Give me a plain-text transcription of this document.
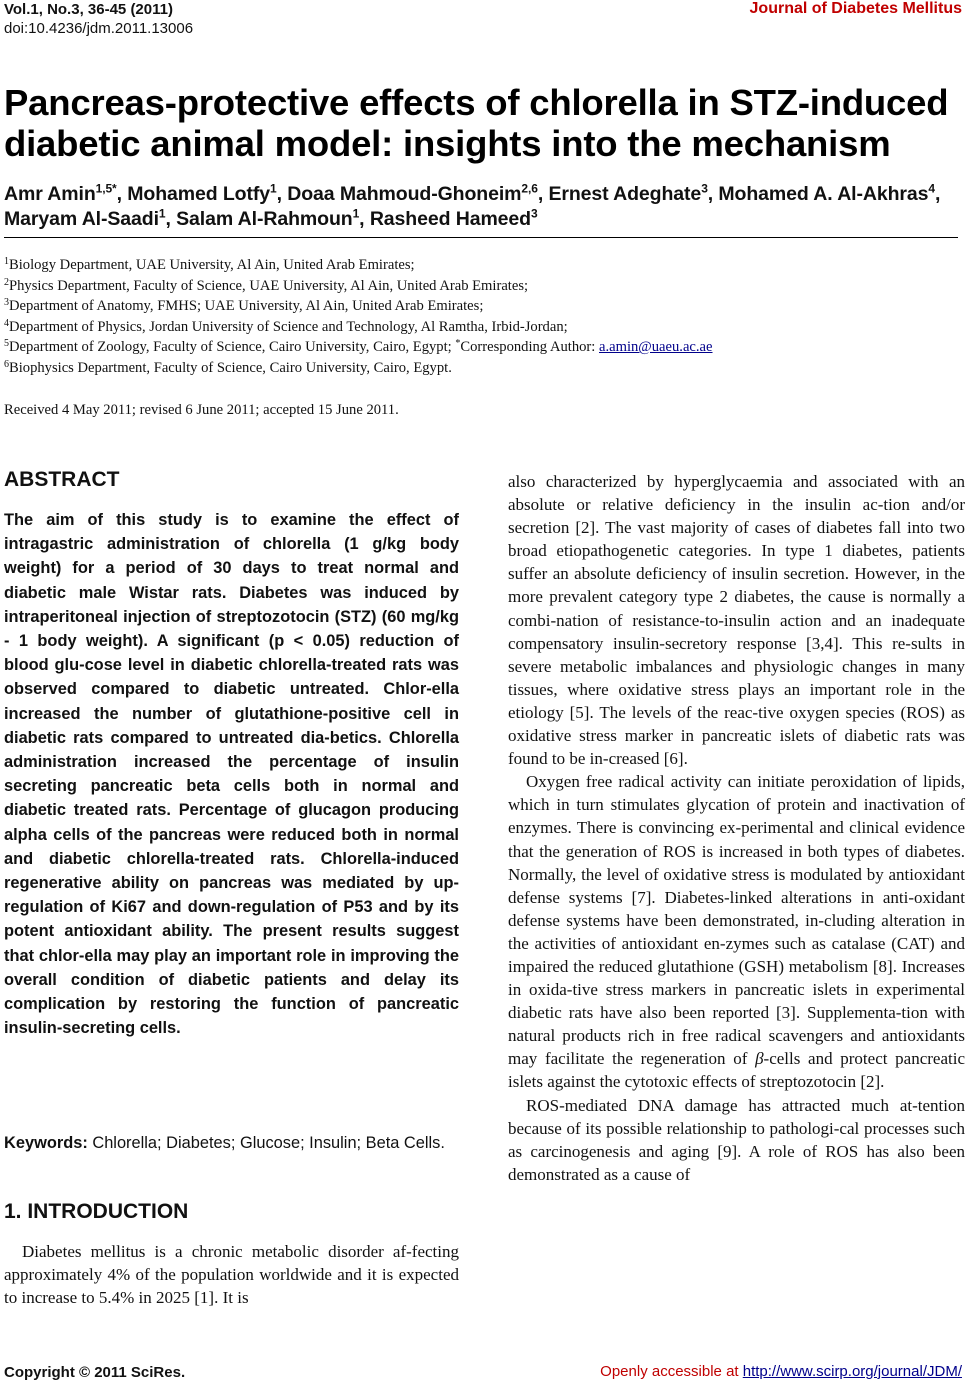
Vol.1, No.3, 36-45 (2011)
doi:10.4236/jdm.2011.13006
Journal of Diabetes Mellitus
Pancreas-protective effects of chlorella in STZ-induced diabetic animal model: insights into the mechanism
Amr Amin$^{1,5*}$, Mohamed Lotfy$^1$, Doaa Mahmoud-Ghoneim$^{2,6}$, Ernest Adeghate$^3$, Mohamed A. Al-Akhras$^4$, Maryam Al-Saadi$^1$, Salam Al-Rahmoun$^1$, Rasheed Hameed$^3$
$^1$Biology Department, UAE University, Al Ain, United Arab Emirates;
$^2$Physics Department, Faculty of Science, UAE University, Al Ain, United Arab Emirates;
$^3$Department of Anatomy, FMHS; UAE University, Al Ain, United Arab Emirates;
$^4$Department of Physics, Jordan University of Science and Technology, Al Ramtha, Irbid-Jordan;
$^5$Department of Zoology, Faculty of Science, Cairo University, Cairo, Egypt; *Corresponding Author: a.amin@uaeu.ac.ae
$^6$Biophysics Department, Faculty of Science, Cairo University, Cairo, Egypt.
Received 4 May 2011; revised 6 June 2011; accepted 15 June 2011.
ABSTRACT
The aim of this study is to examine the effect of intragastric administration of chlorella (1 g/kg body weight) for a period of 30 days to treat normal and diabetic male Wistar rats. Diabetes was induced by intraperitoneal injection of streptozotocin (STZ) (60 mg/kg - 1 body weight). A significant (p < 0.05) reduction of blood glu-cose level in diabetic chlorella-treated rats was observed compared to diabetic untreated. Chlor-ella increased the number of glutathione-positive cell in diabetic rats compared to untreated dia-betics. Chlorella administration increased the percentage of insulin secreting pancreatic beta cells both in normal and diabetic treated rats. Percentage of glucagon producing alpha cells of the pancreas were reduced both in normal and diabetic chlorella-treated rats. Chlorella-induced regenerative ability on pancreas was mediated by up-regulation of Ki67 and down-regulation of P53 and by its potent antioxidant ability. The present results suggest that chlor-ella may play an important role in improving the overall condition of diabetic patients and delay its complication by restoring the function of pancreatic insulin-secreting cells.
Keywords: Chlorella; Diabetes; Glucose; Insulin; Beta Cells.
1. INTRODUCTION

Diabetes mellitus is a chronic metabolic disorder af-fecting approximately 4% of the population worldwide and it is expected to increase to 5.4% in 2025 [1]. It is

also characterized by hyperglycaemia and associated with an absolute or relative deficiency in the insulin ac-tion and/or secretion [2]. The vast majority of cases of diabetes fall into two broad etiopathogenetic categories. In type 1 diabetes, patients suffer an absolute deficiency of insulin secretion. However, in the more prevalent category type 2 diabetes, the cause is normally a combi-nation of resistance-to-insulin action and an inadequate compensatory insulin-secretory response [3,4]. This re-sults in severe metabolic imbalances and physiologic changes in many tissues, where oxidative stress plays an important role in the etiology [5]. The levels of the reac-tive oxygen species (ROS) as oxidative stress marker in pancreatic islets of diabetic rats was found to be in-creased [6].

Oxygen free radical activity can initiate peroxidation of lipids, which in turn stimulates glycation of protein and inactivation of enzymes. There is convincing ex-perimental and clinical evidence that the generation of ROS is increased in both types of diabetes. Normally, the level of oxidative stress is modulated by antioxidant defense systems [7]. Diabetes-linked alterations in anti-oxidant defense systems have been demonstrated, in-cluding alteration in the activities of antioxidant en-zymes such as catalase (CAT) and impaired the reduced glutathione (GSH) metabolism [8]. Increases in oxida-tive stress markers in pancreatic islets in experimental diabetic rats have also been reported [3]. Supplementa-tion with natural products rich in free radical scavengers and antioxidants may facilitate the regeneration of β-cells and protect pancreatic islets against the cytotoxic effects of streptozotocin [2].

ROS-mediated DNA damage has attracted much at-tention because of its possible relationship to pathologi-cal processes such as carcinogenesis and aging [9]. A role of ROS has also been demonstrated as a cause of

Copyright © 2011 SciRes.	Openly accessible at http://www.scirp.org/journal/JDM/
